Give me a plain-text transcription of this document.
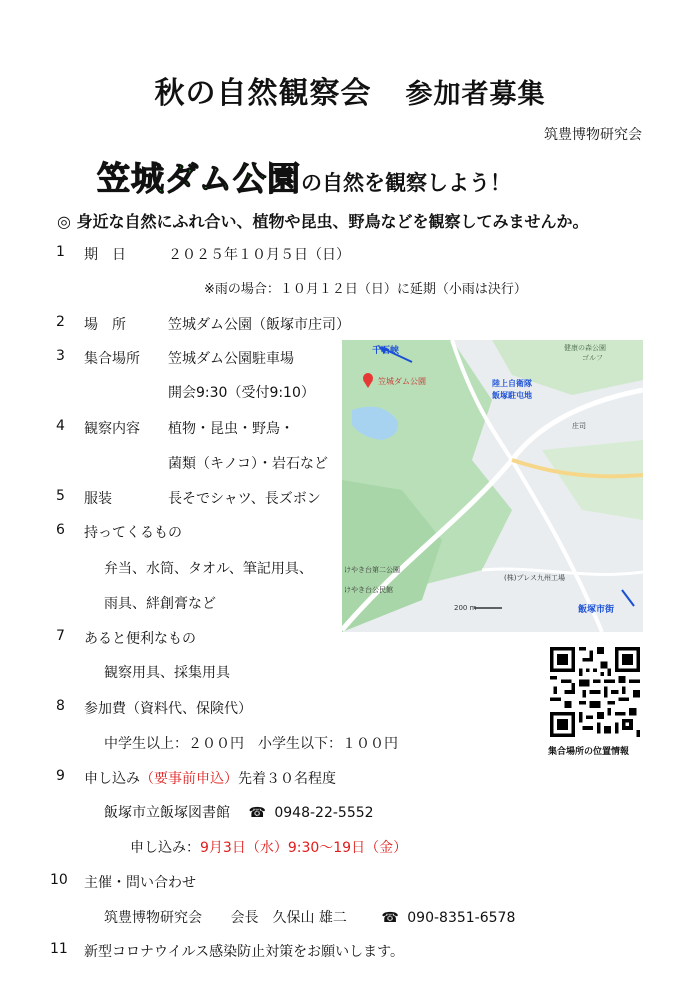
秋の自然観察会 参加者募集
筑豊博物研究会
笠城ダム公園の自然を観察しよう！
◎ 身近な自然にふれ合い、植物や昆虫、野鳥などを観察してみませんか。
1 期　日	２０２５年１０月５日（日）
※雨の場合：１０月１２日（日）に延期（小雨は決行）
2 場　所	笠城ダム公園（飯塚市庄司）
3 集合場所 笠城ダム公園駐車場
開会9:30（受付9:10）
4 観察内容 植物・昆虫・野鳥・
菌類（キノコ）・岩石など
5 服装	長そでシャツ、長ズボン
6 持ってくるもの
弁当、水筒、タオル、筆記用具、
雨具、絆創膏など
7 あると便利なもの
観察用具、採集用具
8 参加費（資料代、保険代）
中学生以上：２００円　小学生以下：１００円
9 申し込み（要事前申込）先着３０名程度
飯塚市立飯塚図書館 ☎ 0948-22-5552
申し込み：9月3日（水）9:30～19日（金）
10 主催・問い合わせ
筑豊博物研究会 会長　久保山 雄二 ☎ 090-8351-6578
11 新型コロナウイルス感染防止対策をお願いします。
千石峡
笠城ダム公園	陸上自衛隊
飯塚駐屯地
健康の森公園
ゴルフ
庄司
けやき台第二公園
けやき台公民館
(株)プレス九州工場
飯塚市街
200 m
集合場所の位置情報
